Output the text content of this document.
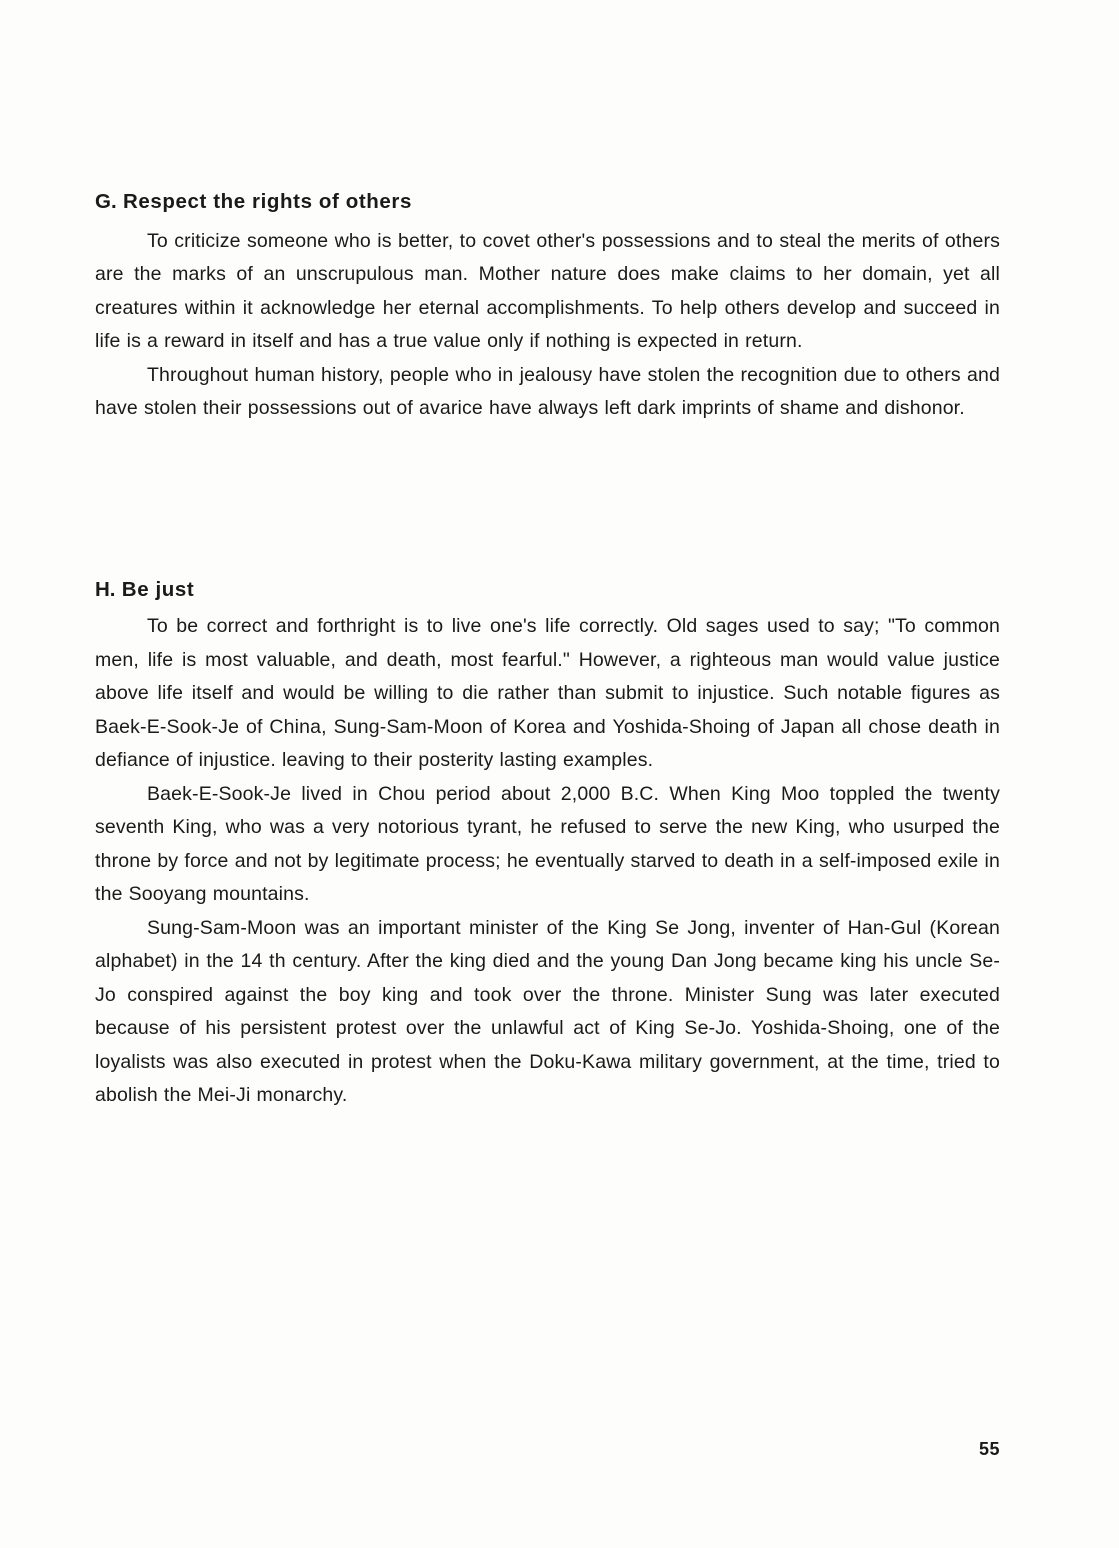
G. Respect the rights of others

To criticize someone who is better, to covet other's possessions and to steal the merits of others are the marks of an unscrupulous man. Mother nature does make claims to her domain, yet all creatures within it acknowledge her eternal accomplishments. To help others develop and succeed in life is a reward in itself and has a true value only if nothing is expected in return.

Throughout human history, people who in jealousy have stolen the recognition due to others and have stolen their possessions out of avarice have always left dark imprints of shame and dishonor.

H. Be just

To be correct and forthright is to live one's life correctly. Old sages used to say; "To common men, life is most valuable, and death, most fearful." However, a righteous man would value justice above life itself and would be willing to die rather than submit to injustice. Such notable figures as Baek-E-Sook-Je of China, Sung-Sam-Moon of Korea and Yoshida-Shoing of Japan all chose death in defiance of injustice. leaving to their posterity lasting examples.

Baek-E-Sook-Je lived in Chou period about 2,000 B.C. When King Moo toppled the twenty seventh King, who was a very notorious tyrant, he refused to serve the new King, who usurped the throne by force and not by legitimate process; he eventually starved to death in a self-imposed exile in the Sooyang mountains.

Sung-Sam-Moon was an important minister of the King Se Jong, inventer of Han-Gul (Korean alphabet) in the 14 th century. After the king died and the young Dan Jong became king his uncle Se-Jo conspired against the boy king and took over the throne. Minister Sung was later executed because of his persistent protest over the unlawful act of King Se-Jo. Yoshida-Shoing, one of the loyalists was also executed in protest when the Doku-Kawa military government, at the time, tried to abolish the Mei-Ji monarchy.

55
